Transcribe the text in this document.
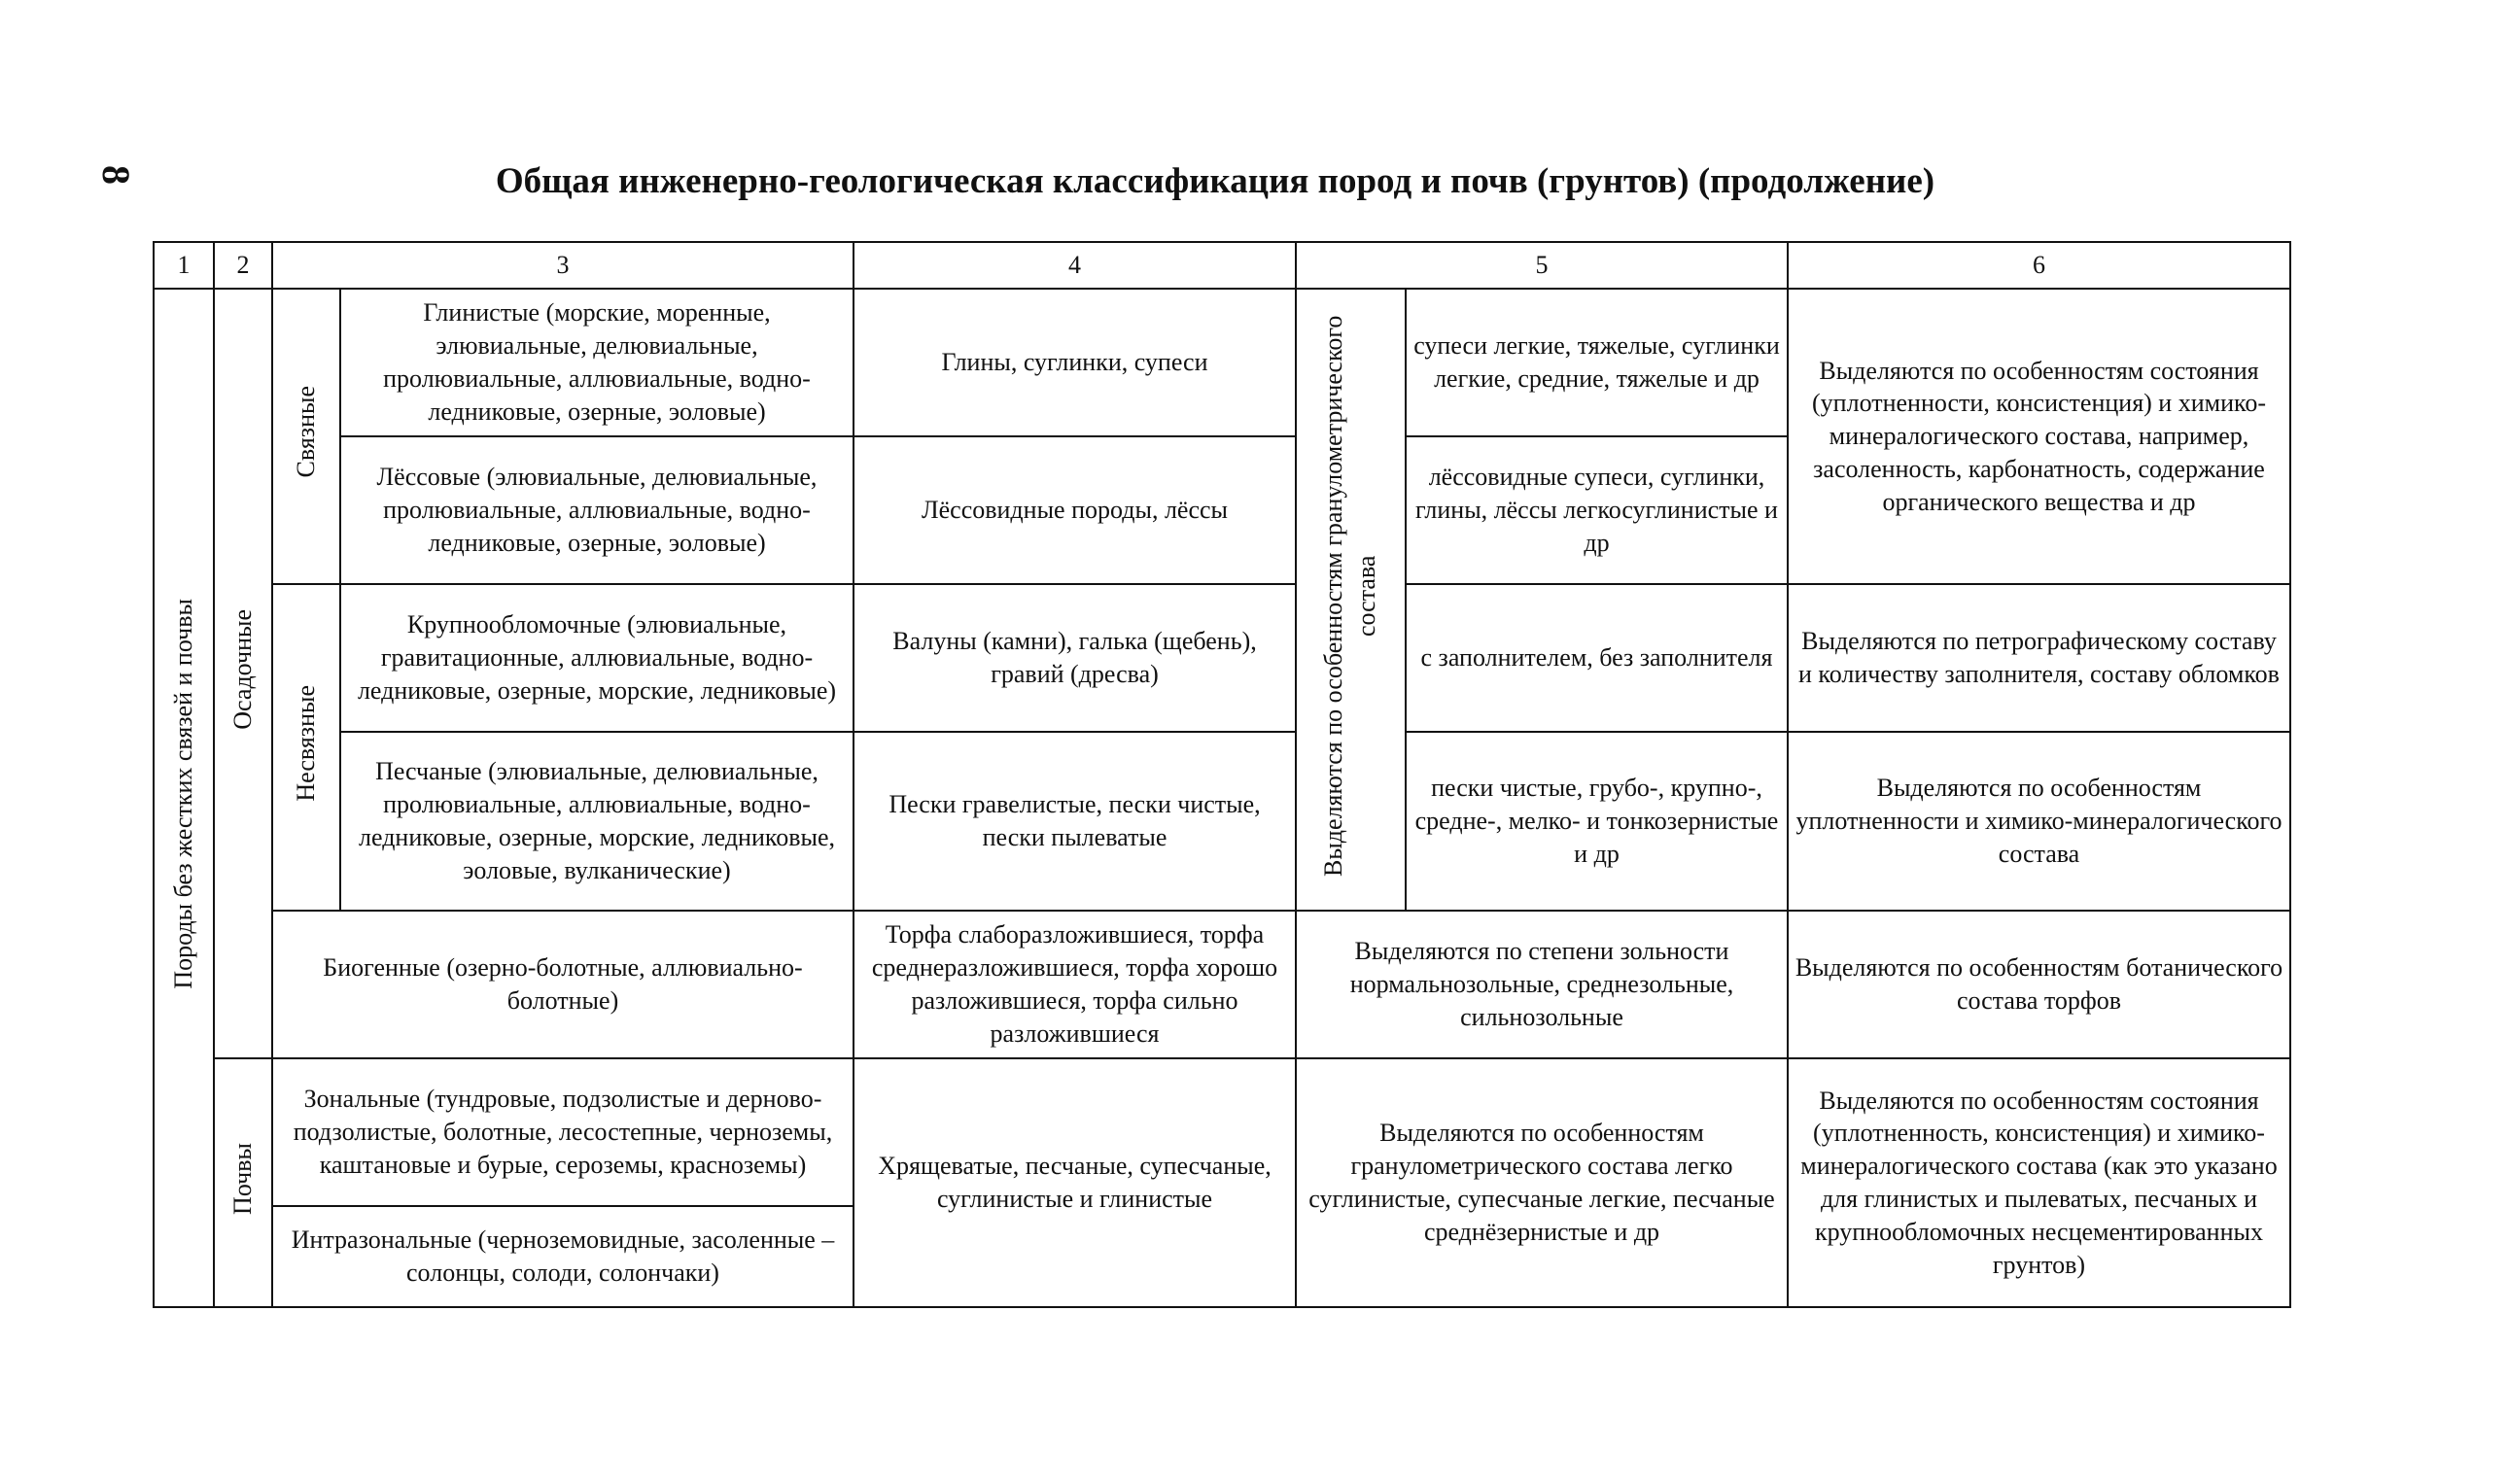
8	Общая инженерно-геологическая классификация пород и почв (грунтов) (продолжение)
1	2	3		4	5		6
Породы без жестких связей и почвы	Осадочные	Связные	Глинистые (морские, моренные, элювиальные, делювиальные, пролювиальные, аллювиальные, водно-ледниковые, озерные, эоловые)	Глины, суглинки, супеси	Выделяются по особенностям гранулометрического состава	супеси легкие, тяжелые, суглинки легкие, средние, тяжелые и др	Выделяются по особенностям состояния (уплотненности, консистенция) и химико-минералогического состава, например, засоленность, карбонатность, содержание органического вещества и др
			Лёссовые (элювиальные, делювиальные, пролювиальные, аллювиальные, водно-ледниковые, озерные, эоловые)	Лёссовидные породы, лёссы		лёссовидные супеси, суглинки, глины, лёссы легкосуглинистые и др	
		Несвязные	Крупнообломочные (элювиальные, гравитационные, аллювиальные, водно-ледниковые, озерные, морские, ледниковые)	Валуны (камни), галька (щебень), гравий (дресва)		с заполнителем, без заполнителя	Выделяются по петрографическому составу и количеству заполнителя, составу обломков
			Песчаные (элювиальные, делювиальные, пролювиальные, аллювиальные, водно-ледниковые, озерные, морские, ледниковые, эоловые, вулканические)	Пески гравелистые, пески чистые, пески пылеватые		пески чистые, грубо-, крупно-, средне-, мелко- и тонкозернистые и др	Выделяются по особенностям уплотненности и химико-минералогического состава
		Биогенные (озерно-болотные, аллювиально-болотные)		Торфа слаборазложившиеся, торфа среднеразложившиеся, торфа хорошо разложившиеся, торфа сильно разложившиеся	Выделяются по степени зольности нормальнозольные, среднезольные, сильнозольные		Выделяются по особенностям ботанического состава торфов
	Почвы	Зональные (тундровые, подзолистые и дерново-подзолистые, болотные, лесостепные, черноземы, каштановые и бурые, сероземы, красноземы)		Хрящеватые, песчаные, супесчаные, суглинистые и глинистые	Выделяются по особенностям гранулометрического состава легко суглинистые, супесчаные легкие, песчаные среднёзернистые и др		Выделяются по особенностям состояния (уплотненность, консистенция) и химико-минералогического состава (как это указано для глинистых и пылеватых, песчаных и крупнообломочных несцементированных грунтов)
		Интразональные (черноземовидные, засоленные – солонцы, солоди, солончаки)					
